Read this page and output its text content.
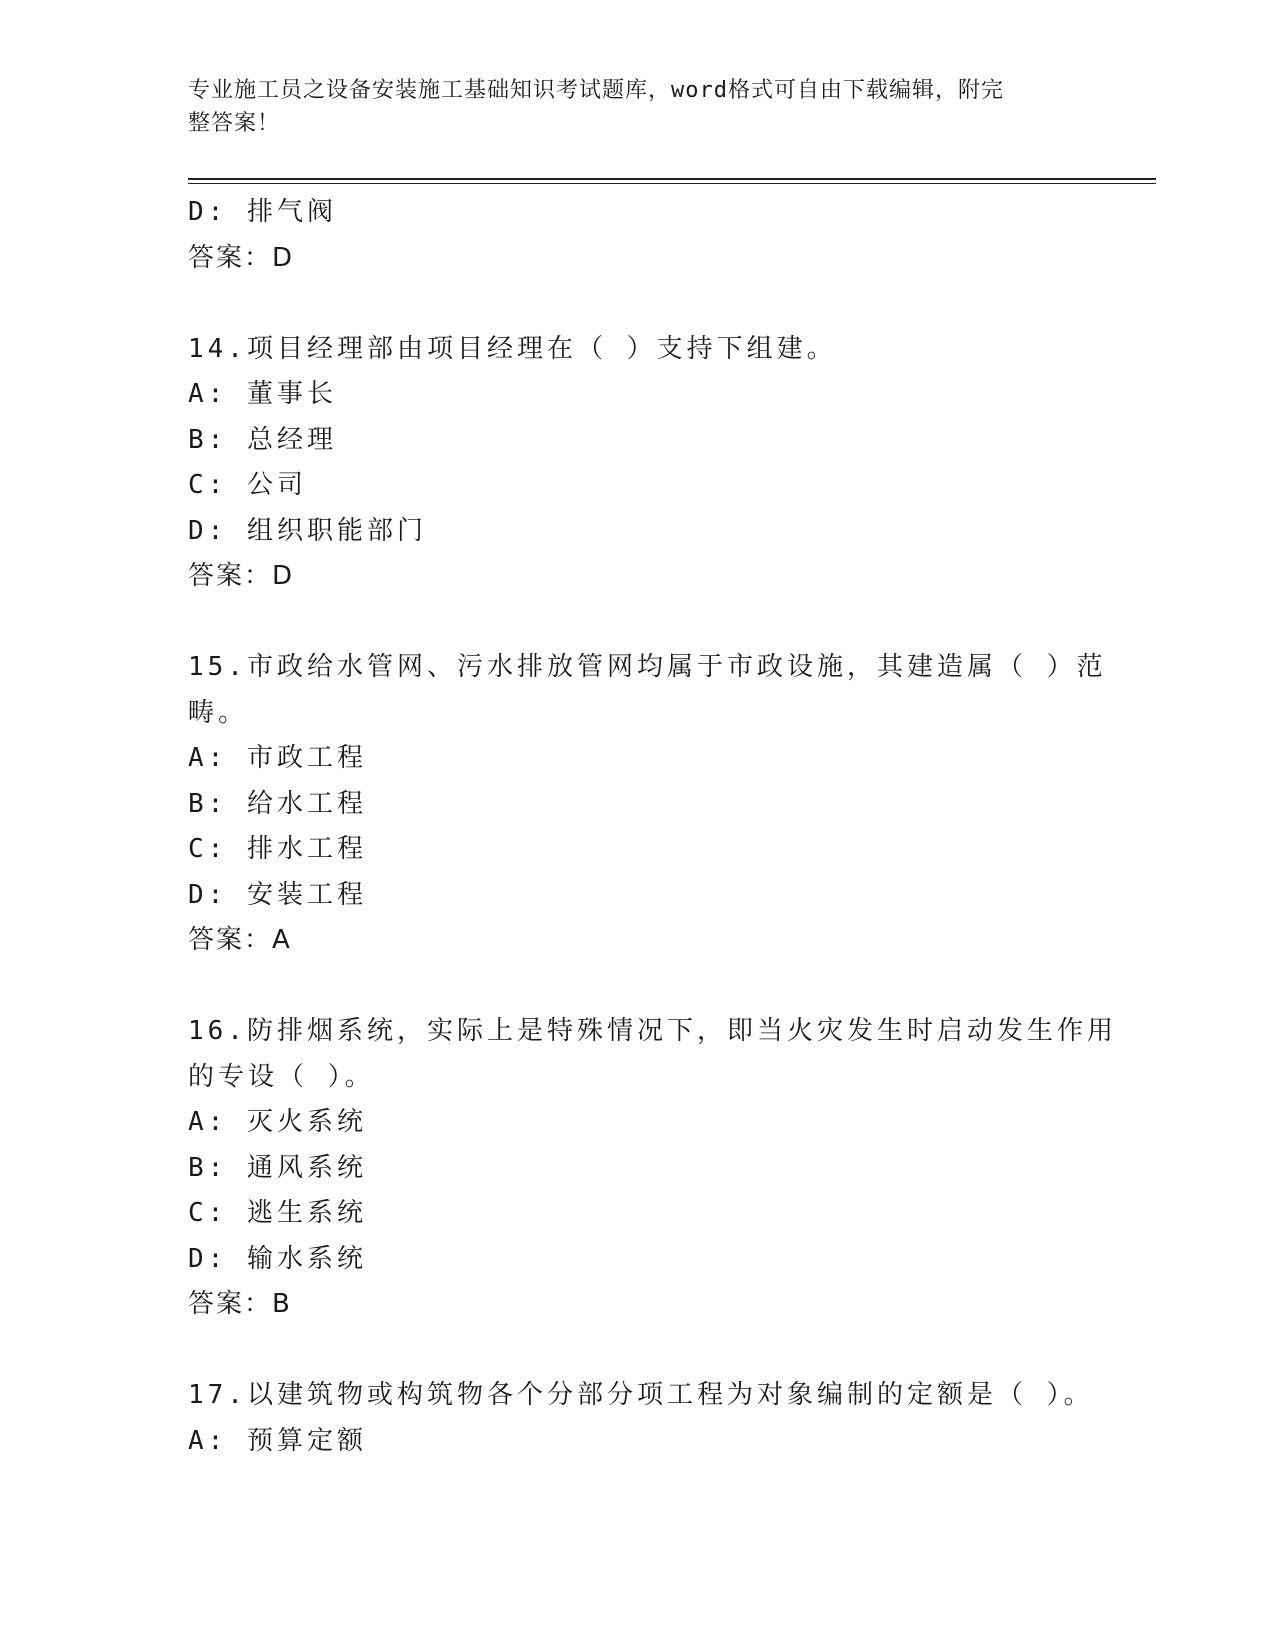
专业施工员之设备安装施工基础知识考试题库，word格式可自由下载编辑，附完
整答案！
D: 排气阀
答案：D
14.项目经理部由项目经理在（ ）支持下组建。
A: 董事长
B: 总经理
C: 公司
D: 组织职能部门
答案：D
15.市政给水管网、污水排放管网均属于市政设施，其建造属（ ）范
畴。
A: 市政工程
B: 给水工程
C: 排水工程
D: 安装工程
答案：A
16.防排烟系统，实际上是特殊情况下，即当火灾发生时启动发生作用
的专设（ ）。
A: 灭火系统
B: 通风系统
C: 逃生系统
D: 输水系统
答案：B
17.以建筑物或构筑物各个分部分项工程为对象编制的定额是（ ）。
A: 预算定额
